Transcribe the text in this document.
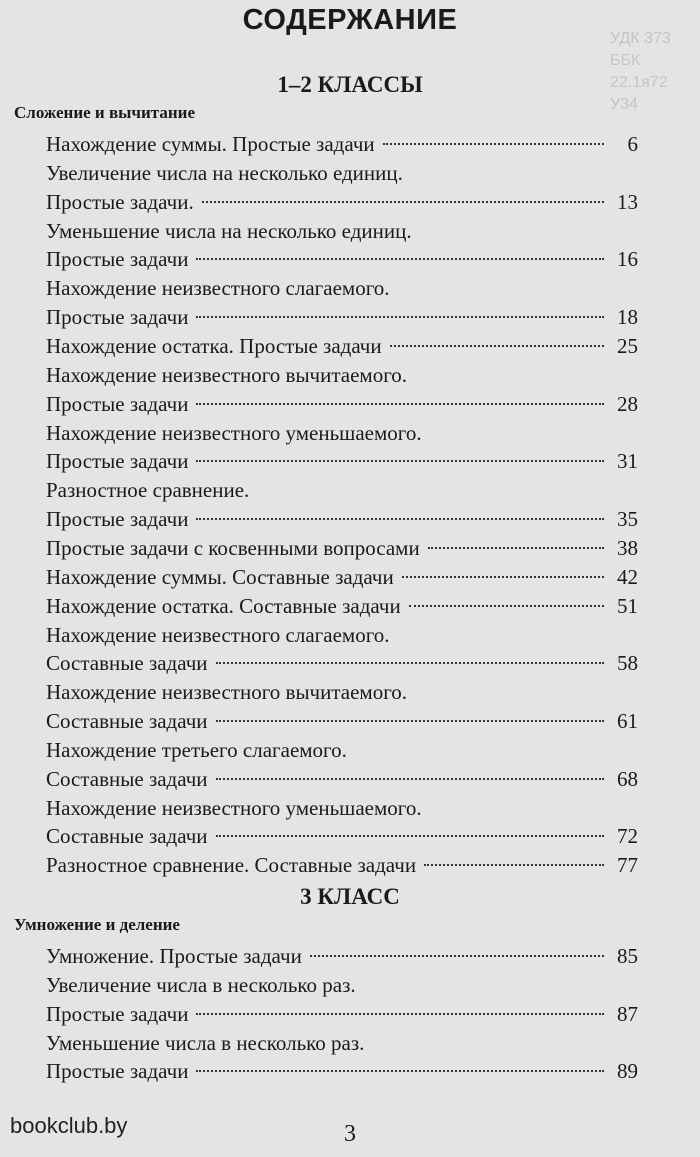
СОДЕРЖАНИЕ
УДК 373
ББК 22.1я72
У34
1–2 КЛАССЫ
Сложение и вычитание
Нахождение суммы. Простые задачи	6
Увеличение числа на несколько единиц.
Простые задачи.	13
Уменьшение числа на несколько единиц.
Простые задачи	16
Нахождение неизвестного слагаемого.
Простые задачи	18
Нахождение остатка. Простые задачи	25
Нахождение неизвестного вычитаемого.
Простые задачи	28
Нахождение неизвестного уменьшаемого.
Простые задачи	31
Разностное сравнение.
Простые задачи	35
Простые задачи с косвенными вопросами	38
Нахождение суммы. Составные задачи	42
Нахождение остатка. Составные задачи	51
Нахождение неизвестного слагаемого.
Составные задачи	58
Нахождение неизвестного вычитаемого.
Составные задачи	61
Нахождение третьего слагаемого.
Составные задачи	68
Нахождение неизвестного уменьшаемого.
Составные задачи	72
Разностное сравнение. Составные задачи	77
3 КЛАСС
Умножение и деление
Умножение. Простые задачи	85
Увеличение числа в несколько раз.
Простые задачи	87
Уменьшение числа в несколько раз.
Простые задачи	89
bookclub.by	3
